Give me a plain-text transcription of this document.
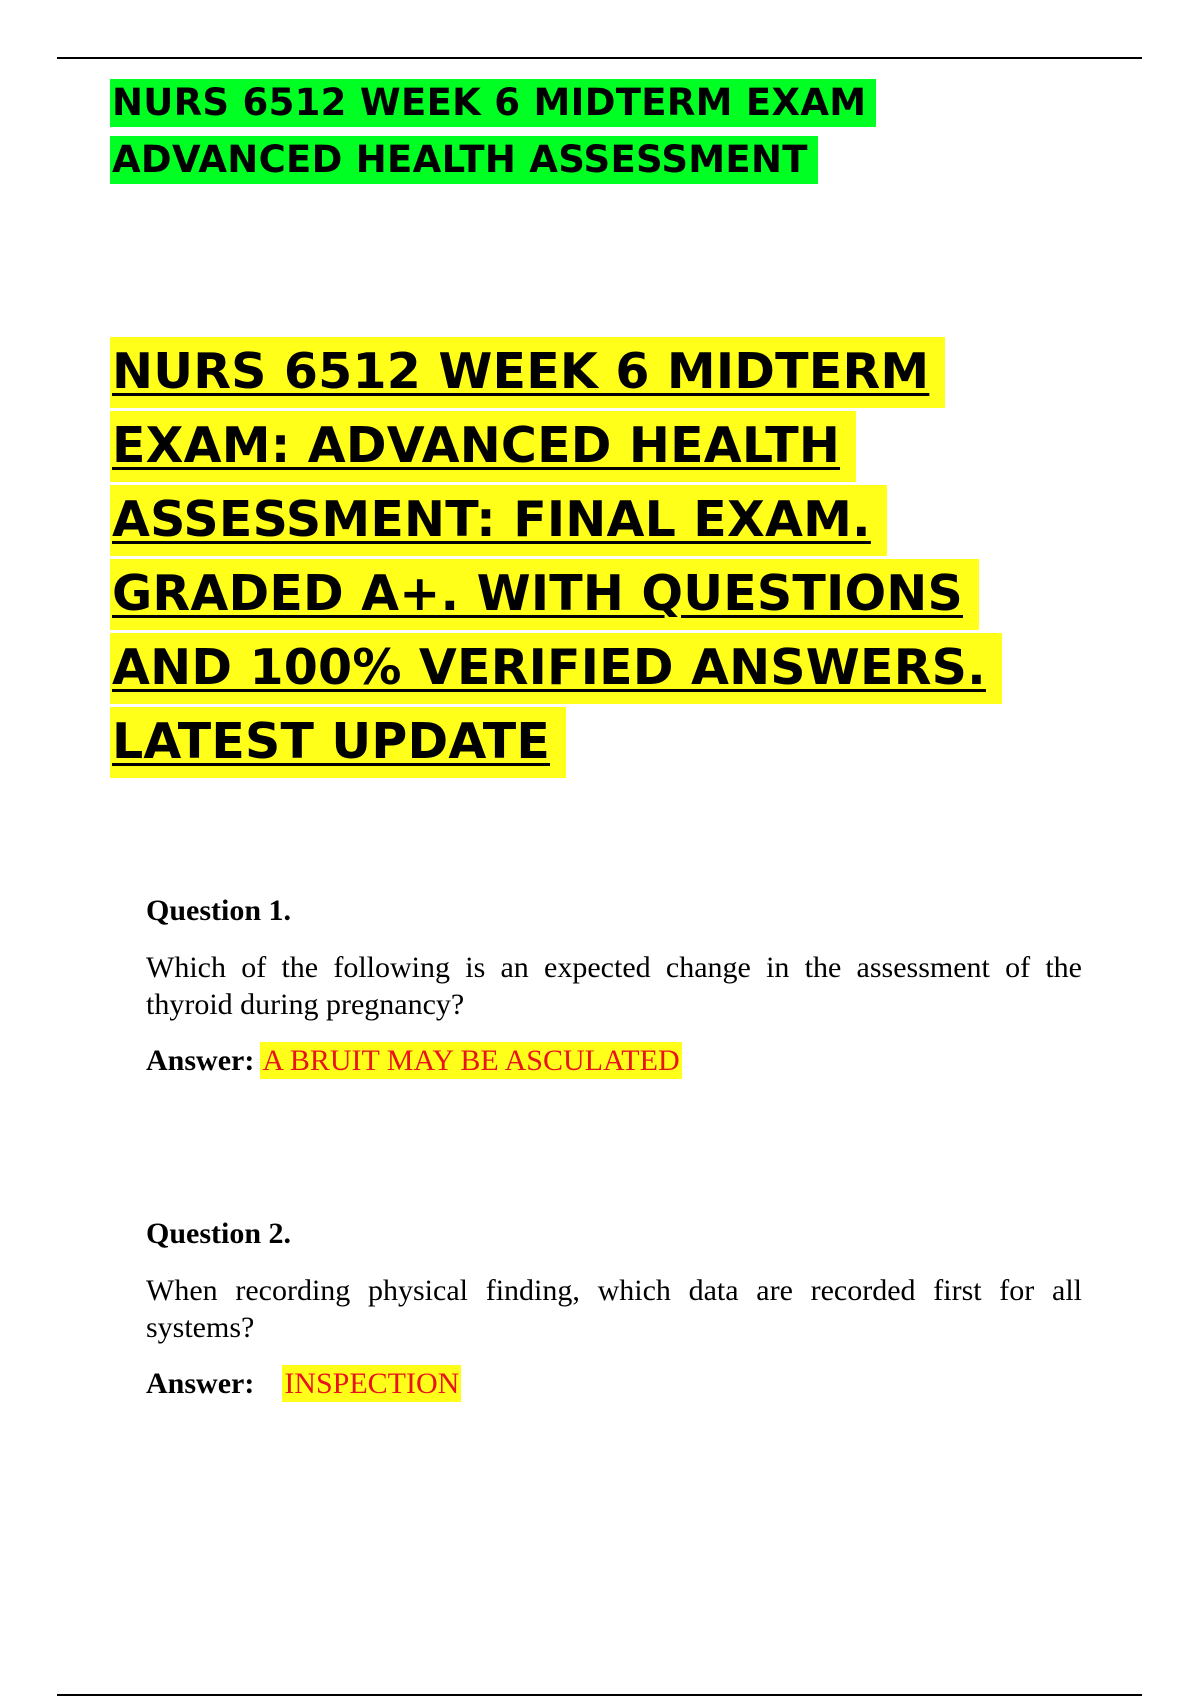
NURS 6512 WEEK 6 MIDTERM EXAM
ADVANCED HEALTH ASSESSMENT
NURS 6512 WEEK 6 MIDTERM
EXAM: ADVANCED HEALTH
ASSESSMENT: FINAL EXAM.
GRADED A+. WITH QUESTIONS
AND 100% VERIFIED ANSWERS.
LATEST UPDATE

Question 1.

Which of the following is an expected change in the assessment of the thyroid during pregnancy?

Answer: A BRUIT MAY BE ASCULATED

Question 2.

When recording physical finding, which data are recorded first for all systems?

Answer: INSPECTION
